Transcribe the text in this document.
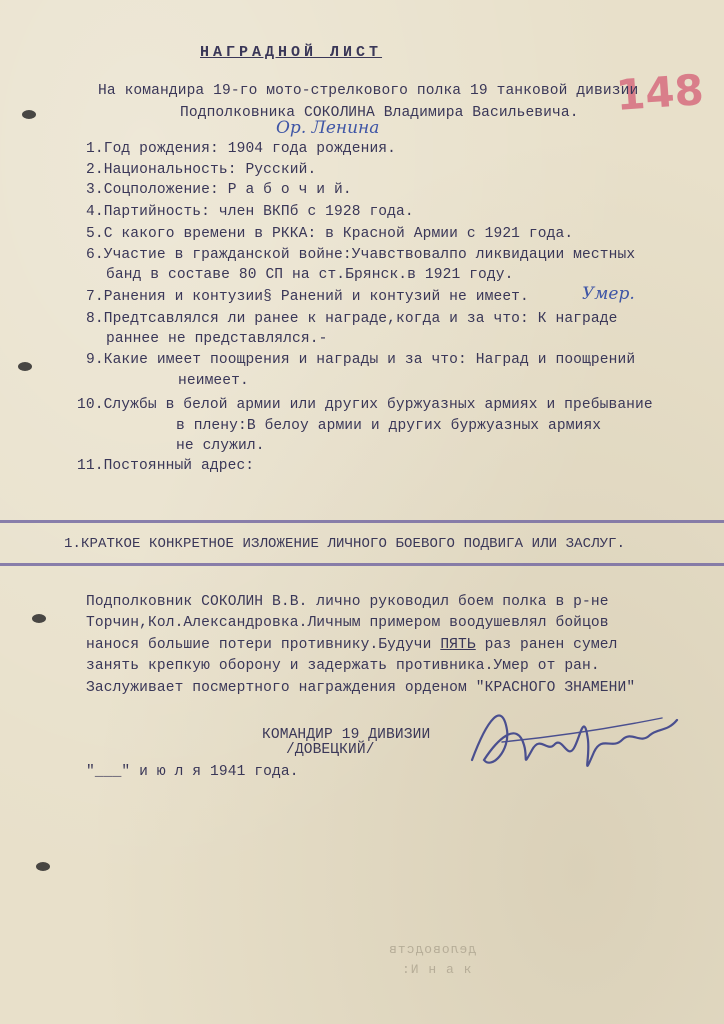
148
НАГРАДНОЙ ЛИСТ
На командира 19-го мото-стрелкового полка 19 танковой дивизии
Подполковника СОКОЛИНА Владимира Васильевича.
Ор. Ленина
1.Год рождения: 1904 года рождения.
2.Национальность: Русский.
3.Соцположение: Р а б о ч и й.
4.Партийность: член ВКПб с 1928 года.
5.С какого времени в РККА: в Красной Армии с 1921 года.
6.Участие в гражданской войне:Учавствовалпо ликвидации местных
банд в составе 80 СП на ст.Брянск.в 1921 году.
7.Ранения и контузии§ Ранений и контузий не имеет.	Умер.
8.Предтсавлялся ли ранее к награде,когда и за что: К награде
раннее не представлялся.-
9.Какие имеет поощрения и награды и за что: Наград и поощрений
неимеет.
10.Службы в белой армии или других буржуазных армиях и пребывание
в плену:В белоу армии и других буржуазных армиях
не служил.
11.Постоянный адрес:
1.КРАТКОЕ КОНКРЕТНОЕ ИЗЛОЖЕНИЕ ЛИЧНОГО БОЕВОГО ПОДВИГА ИЛИ ЗАСЛУГ.
Подполковник СОКОЛИН В.В. лично руководил боем полка в р-не
Торчин,Кол.Александровка.Личным примером воодушевлял бойцов
нанося большие потери противнику.Будучи ПЯТЬ раз ранен сумел
занять крепкую оборону и задержать противника.Умер от ран.
Заслуживает посмертного награждения орденом "КРАСНОГО ЗНАМЕНИ"
КОМАНДИР 19 ДИВИЗИИ
/ДОВЕЦКИЙ/
"___" и ю л я 1941 года.
деловодств
:И н а к
